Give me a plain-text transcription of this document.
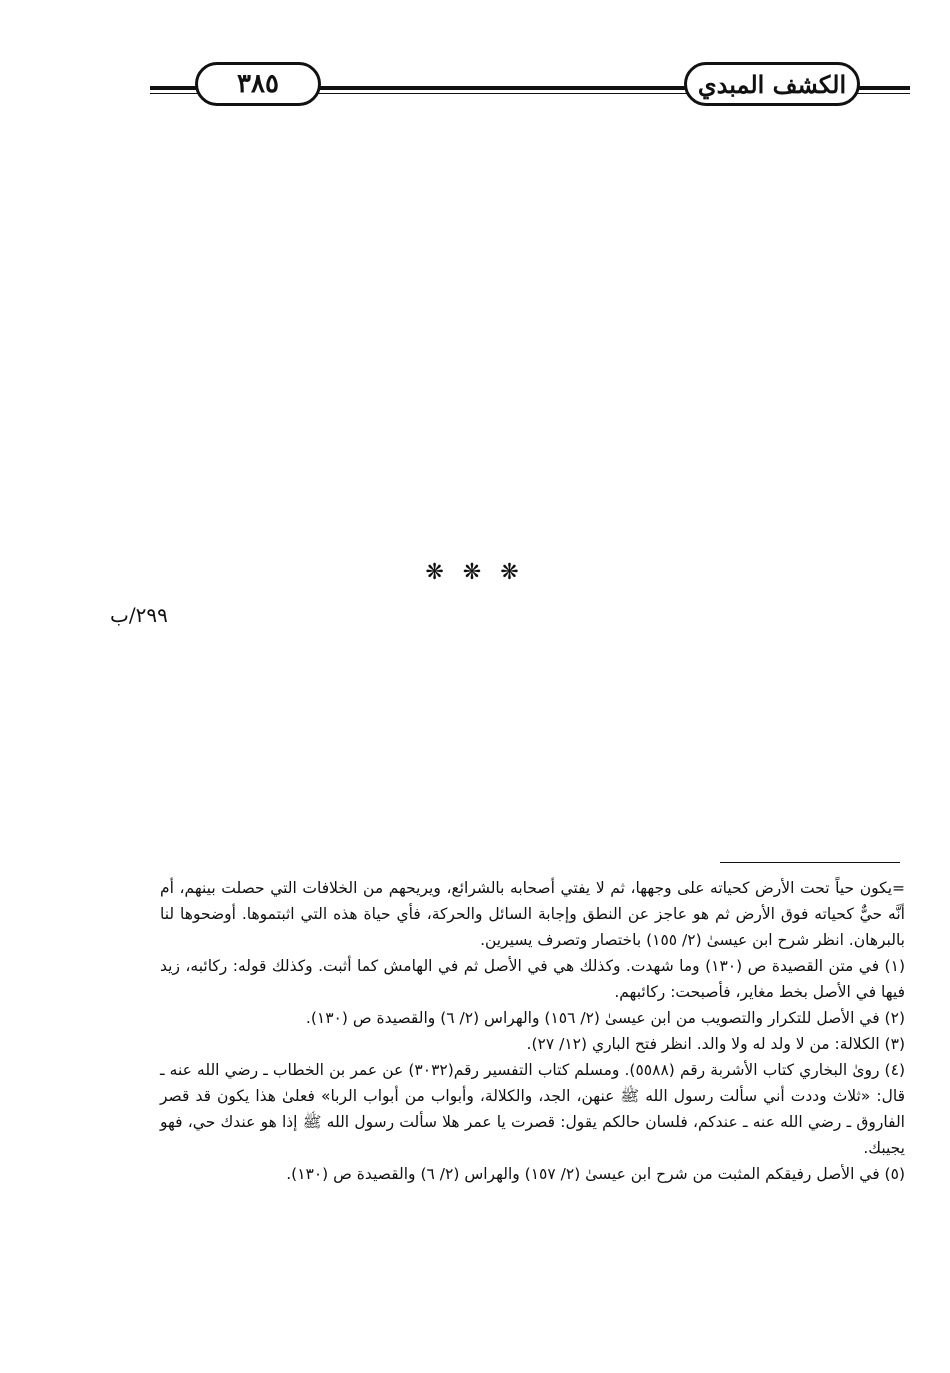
٣٨٥	الكشف المبدي
❋ ❋ ❋
٢٩٩/ب

=يكون حياً تحت الأرض كحياته على وجهها، ثم لا يفتي أصحابه بالشرائع، ويريحهم من الخلافات التي حصلت بينهم، أم أنَّه حيٌّ كحياته فوق الأرض ثم هو عاجز عن النطق وإجابة السائل والحركة، فأي حياة هذه التي اثبتموها. أوضحوها لنا بالبرهان. انظر شرح ابن عيسىٰ (٢/ ١٥٥) باختصار وتصرف يسيرين.

(١) في متن القصيدة ص (١٣٠) وما شهدت. وكذلك هي في الأصل ثم في الهامش كما أثبت. وكذلك قوله: ركائبه، زيد فيها في الأصل بخط مغاير، فأصبحت: ركائبهم.

(٢) في الأصل للتكرار والتصويب من ابن عيسىٰ (٢/ ١٥٦) والهراس (٢/ ٦) والقصيدة ص (١٣٠).

(٣) الكلالة: من لا ولد له ولا والد. انظر فتح الباري (١٢/ ٢٧).

(٤) روىٰ البخاري كتاب الأشربة رقم (٥٥٨٨). ومسلم كتاب التفسير رقم(٣٠٣٢) عن عمر بن الخطاب ـ رضي الله عنه ـ قال: «ثلاث وددت أني سألت رسول الله ﷺ عنهن، الجد، والكلالة، وأبواب من أبواب الربا» فعلىٰ هذا يكون قد قصر الفاروق ـ رضي الله عنه ـ عندكم، فلسان حالكم يقول: قصرت يا عمر هلا سألت رسول الله ﷺ إذا هو عندك حي، فهو يجيبك.

(٥) في الأصل رفيقكم المثبت من شرح ابن عيسىٰ (٢/ ١٥٧) والهراس (٢/ ٦) والقصيدة ص (١٣٠).
